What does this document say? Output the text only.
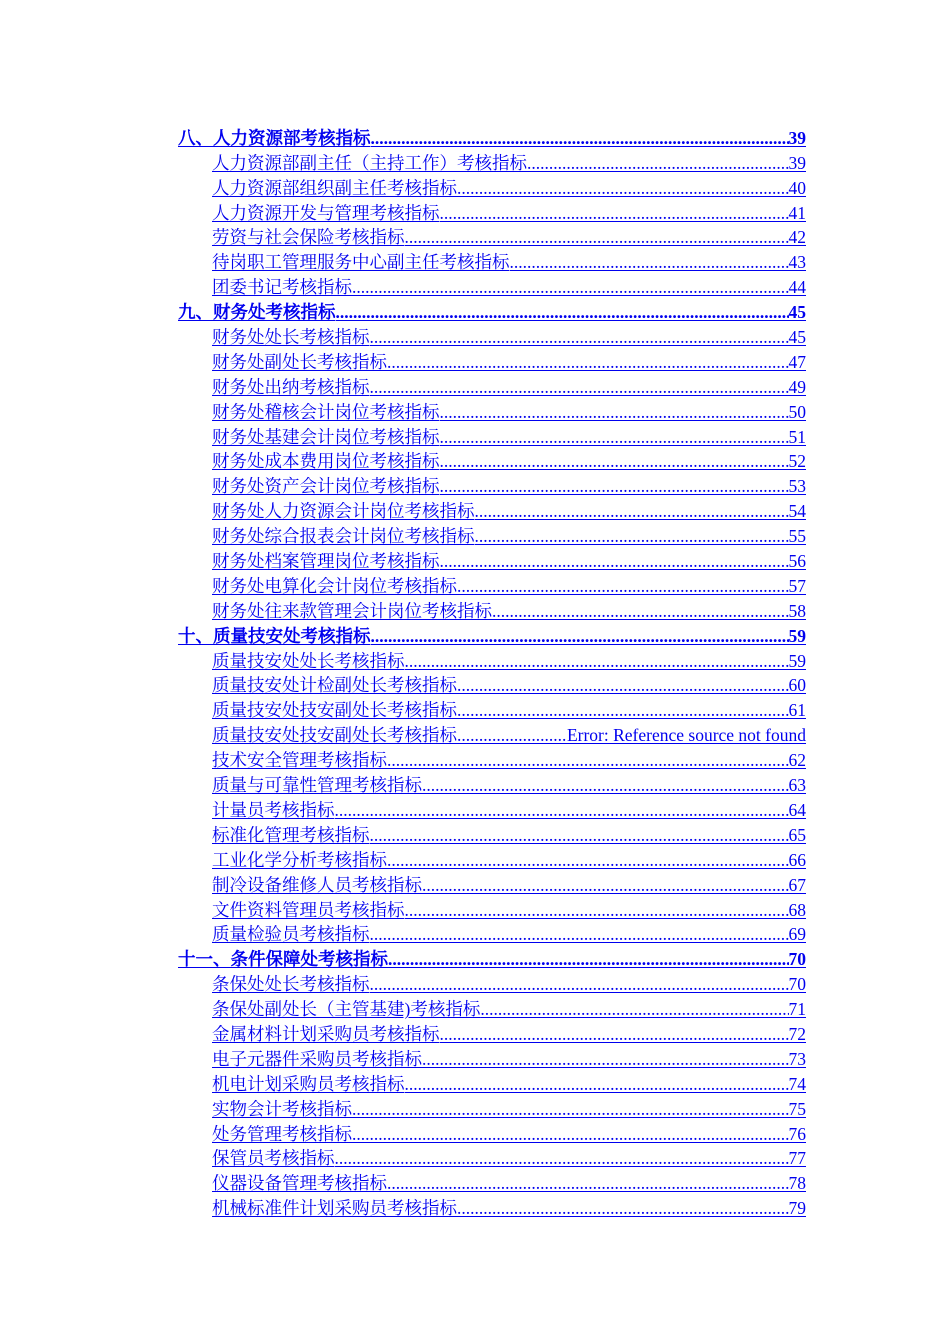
八、人力资源部考核指标 .....	39
人力资源部副主任（主持工作）考核指标 .....	39
人力资源部组织副主任考核指标 .....	40
人力资源开发与管理考核指标 .....	41
劳资与社会保险考核指标 .....	42
待岗职工管理服务中心副主任考核指标 .....	43
团委书记考核指标 .....	44
九、财务处考核指标 .....	45
财务处处长考核指标 .....	45
财务处副处长考核指标 .....	47
财务处出纳考核指标 .....	49
财务处稽核会计岗位考核指标 .....	50
财务处基建会计岗位考核指标 .....	51
财务处成本费用岗位考核指标 .....	52
财务处资产会计岗位考核指标 .....	53
财务处人力资源会计岗位考核指标 .....	54
财务处综合报表会计岗位考核指标 .....	55
财务处档案管理岗位考核指标 .....	56
财务处电算化会计岗位考核指标 .....	57
财务处往来款管理会计岗位考核指标 .....	58
十、质量技安处考核指标 .....	59
质量技安处处长考核指标 .....	59
质量技安处计检副处长考核指标 .....	60
质量技安处技安副处长考核指标 .....	61
质量技安处技安副处长考核指标 .....	Error: Reference source not found
技术安全管理考核指标 .....	62
质量与可靠性管理考核指标 .....	63
计量员考核指标 .....	64
标准化管理考核指标 .....	65
工业化学分析考核指标 .....	66
制冷设备维修人员考核指标 .....	67
文件资料管理员考核指标 .....	68
质量检验员考核指标 .....	69
十一、条件保障处考核指标 .....	70
条保处处长考核指标 .....	70
条保处副处长（主管基建)考核指标 .....	71
金属材料计划采购员考核指标 .....	72
电子元器件采购员考核指标 .....	73
机电计划采购员考核指标 .....	74
实物会计考核指标 .....	75
处务管理考核指标 .....	76
保管员考核指标 .....	77
仪器设备管理考核指标 .....	78
机械标准件计划采购员考核指标 .....	79
